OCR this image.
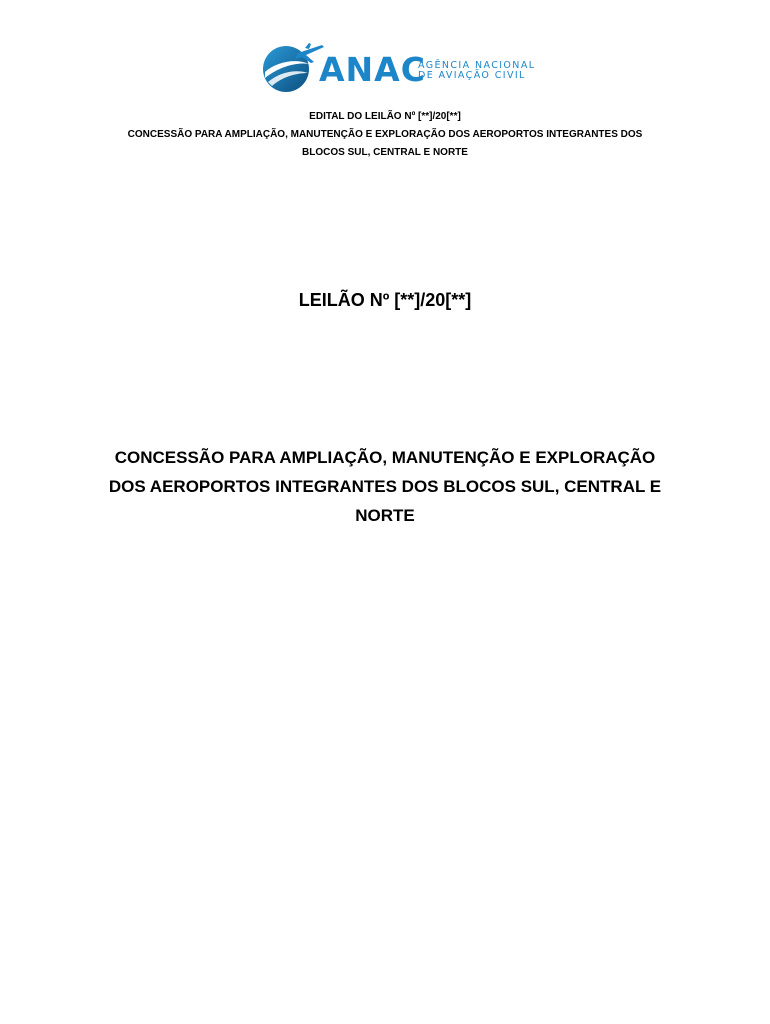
ANAC
AGÊNCIA NACIONAL
DE AVIAÇÃO CIVIL
EDITAL DO LEILÃO Nº [**]/20[**]
CONCESSÃO PARA AMPLIAÇÃO, MANUTENÇÃO E EXPLORAÇÃO DOS AEROPORTOS INTEGRANTES DOS
BLOCOS SUL, CENTRAL E NORTE
LEILÃO Nº [**]/20[**]
CONCESSÃO PARA AMPLIAÇÃO, MANUTENÇÃO E EXPLORAÇÃO
DOS AEROPORTOS INTEGRANTES DOS BLOCOS SUL, CENTRAL E
NORTE
